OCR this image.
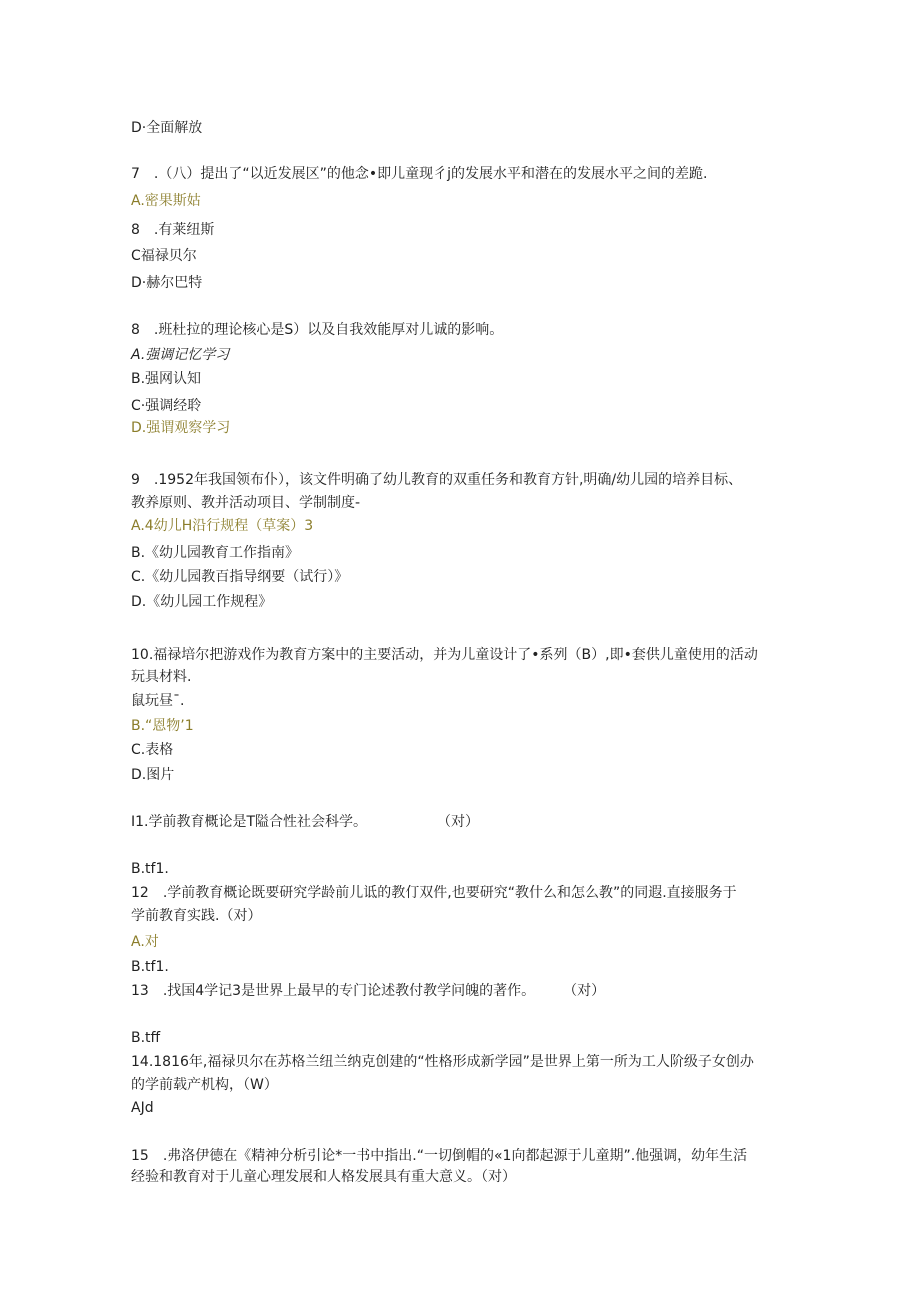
D·全面解放
7　.（八）提出了“以近发展区”的他念•即儿童现彳j的发展水平和潜在的发展水平之间的差跪.
A.密果斯姑
8　.有莱纽斯
C福禄贝尔
D·赫尔巴特
8　.班杜拉的理论核心是S）以及自我效能厚对儿诚的影响。
A.强调记忆学习
B.强网认知
C·强调经聆
D.强谓观察学习
9　.1952年我国领布仆），该文件明确了幼儿教育的双重任务和教育方针,明确/幼儿园的培养目标、
教养原则、教并活动项目、学制制度-
A.4幼儿H沿行规程（草案）3
B.《幼儿园教育工作指南》
C.《幼儿园教百指导纲要（试行）》
D.《幼儿园工作规程》
10.福禄培尔把游戏作为教育方案中的主要活动，并为儿童设计了•系列（B）,即•套供儿童使用的活动
玩具材料.
鼠玩昼¯.
B.“恩物’1
C.表格
D.图片
I1.学前教育概论是T隘合性社会科学。　　　　　　（对）
B.tf1.
12　.学前教育概论既要研究学龄前儿诋的教仃双件,也要研究“教什么和怎么教”的同遐.直接服务于
学前教育实践.（对）
A.对
B.tf1.
13　.找国4学记3是世界上最早的专门论述教付教学问魄的著作。　　　（对）
B.tff
14.1816年,福禄贝尔在苏格兰纽兰纳克创建的“性格形成新学园”是世界上第一所为工人阶级子女创办
的学前载产机构，（W）
AJd
15　.弗洛伊德在《精神分析引论*一书中指出.“一切倒帽的«1向都起源于儿童期”.他强调，幼年生活
经验和教育对于儿童心理发展和人格发展具有重大意义。（对）
